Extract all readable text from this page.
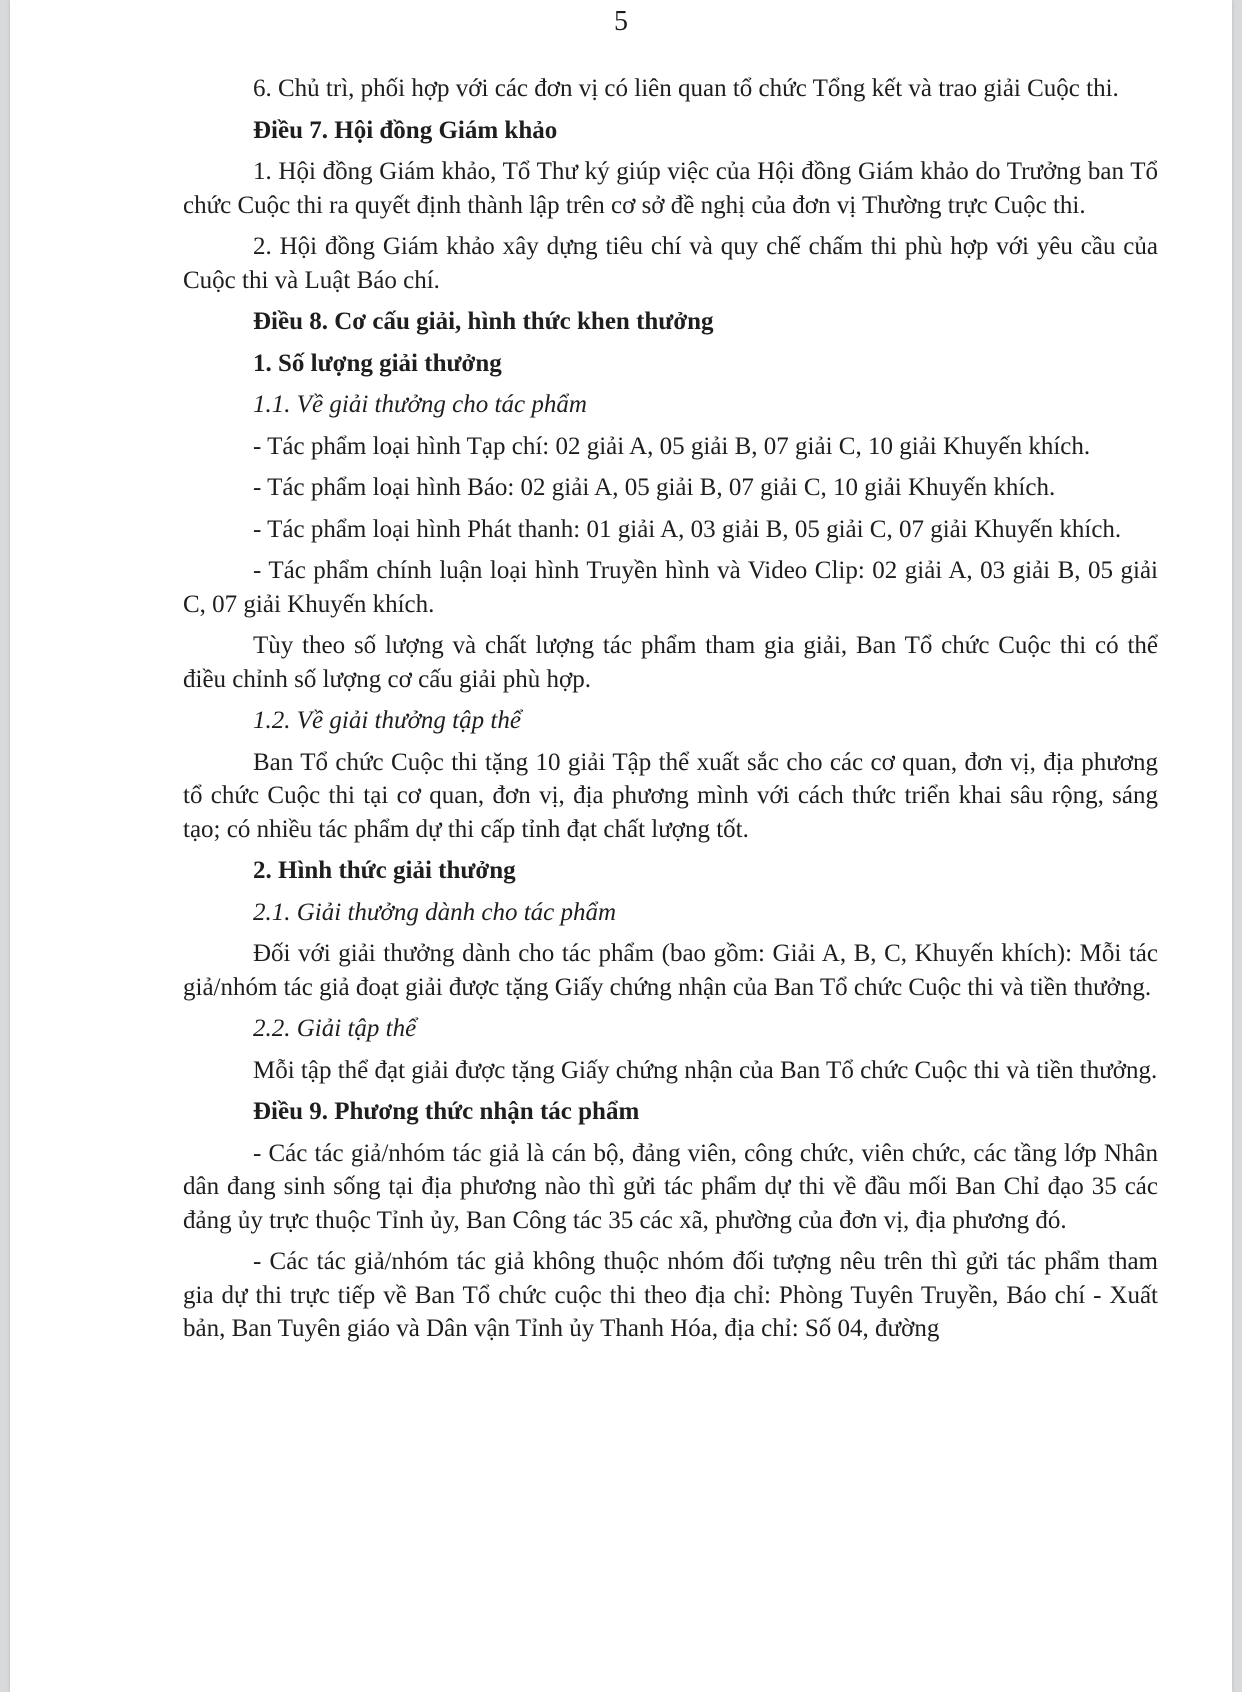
5

6. Chủ trì, phối hợp với các đơn vị có liên quan tổ chức Tổng kết và trao giải Cuộc thi.

Điều 7. Hội đồng Giám khảo

1. Hội đồng Giám khảo, Tổ Thư ký giúp việc của Hội đồng Giám khảo do Trưởng ban Tổ chức Cuộc thi ra quyết định thành lập trên cơ sở đề nghị của đơn vị Thường trực Cuộc thi.

2. Hội đồng Giám khảo xây dựng tiêu chí và quy chế chấm thi phù hợp với yêu cầu của Cuộc thi và Luật Báo chí.

Điều 8. Cơ cấu giải, hình thức khen thưởng

1. Số lượng giải thưởng

1.1. Về giải thưởng cho tác phẩm

- Tác phẩm loại hình Tạp chí: 02 giải A, 05 giải B, 07 giải C, 10 giải Khuyến khích.

- Tác phẩm loại hình Báo: 02 giải A, 05 giải B, 07 giải C, 10 giải Khuyến khích.

- Tác phẩm loại hình Phát thanh: 01 giải A, 03 giải B, 05 giải C, 07 giải Khuyến khích.

- Tác phẩm chính luận loại hình Truyền hình và Video Clip: 02 giải A, 03 giải B, 05 giải C, 07 giải Khuyến khích.

Tùy theo số lượng và chất lượng tác phẩm tham gia giải, Ban Tổ chức Cuộc thi có thể điều chỉnh số lượng cơ cấu giải phù hợp.

1.2. Về giải thưởng tập thể

Ban Tổ chức Cuộc thi tặng 10 giải Tập thể xuất sắc cho các cơ quan, đơn vị, địa phương tổ chức Cuộc thi tại cơ quan, đơn vị, địa phương mình với cách thức triển khai sâu rộng, sáng tạo; có nhiều tác phẩm dự thi cấp tỉnh đạt chất lượng tốt.

2. Hình thức giải thưởng

2.1. Giải thưởng dành cho tác phẩm

Đối với giải thưởng dành cho tác phẩm (bao gồm: Giải A, B, C, Khuyến khích): Mỗi tác giả/nhóm tác giả đoạt giải được tặng Giấy chứng nhận của Ban Tổ chức Cuộc thi và tiền thưởng.

2.2. Giải tập thể

Mỗi tập thể đạt giải được tặng Giấy chứng nhận của Ban Tổ chức Cuộc thi và tiền thưởng.

Điều 9. Phương thức nhận tác phẩm

- Các tác giả/nhóm tác giả là cán bộ, đảng viên, công chức, viên chức, các tầng lớp Nhân dân đang sinh sống tại địa phương nào thì gửi tác phẩm dự thi về đầu mối Ban Chỉ đạo 35 các đảng ủy trực thuộc Tỉnh ủy, Ban Công tác 35 các xã, phường của đơn vị, địa phương đó.

- Các tác giả/nhóm tác giả không thuộc nhóm đối tượng nêu trên thì gửi tác phẩm tham gia dự thi trực tiếp về Ban Tổ chức cuộc thi theo địa chỉ: Phòng Tuyên Truyền, Báo chí - Xuất bản, Ban Tuyên giáo và Dân vận Tỉnh ủy Thanh Hóa, địa chỉ: Số 04, đường
